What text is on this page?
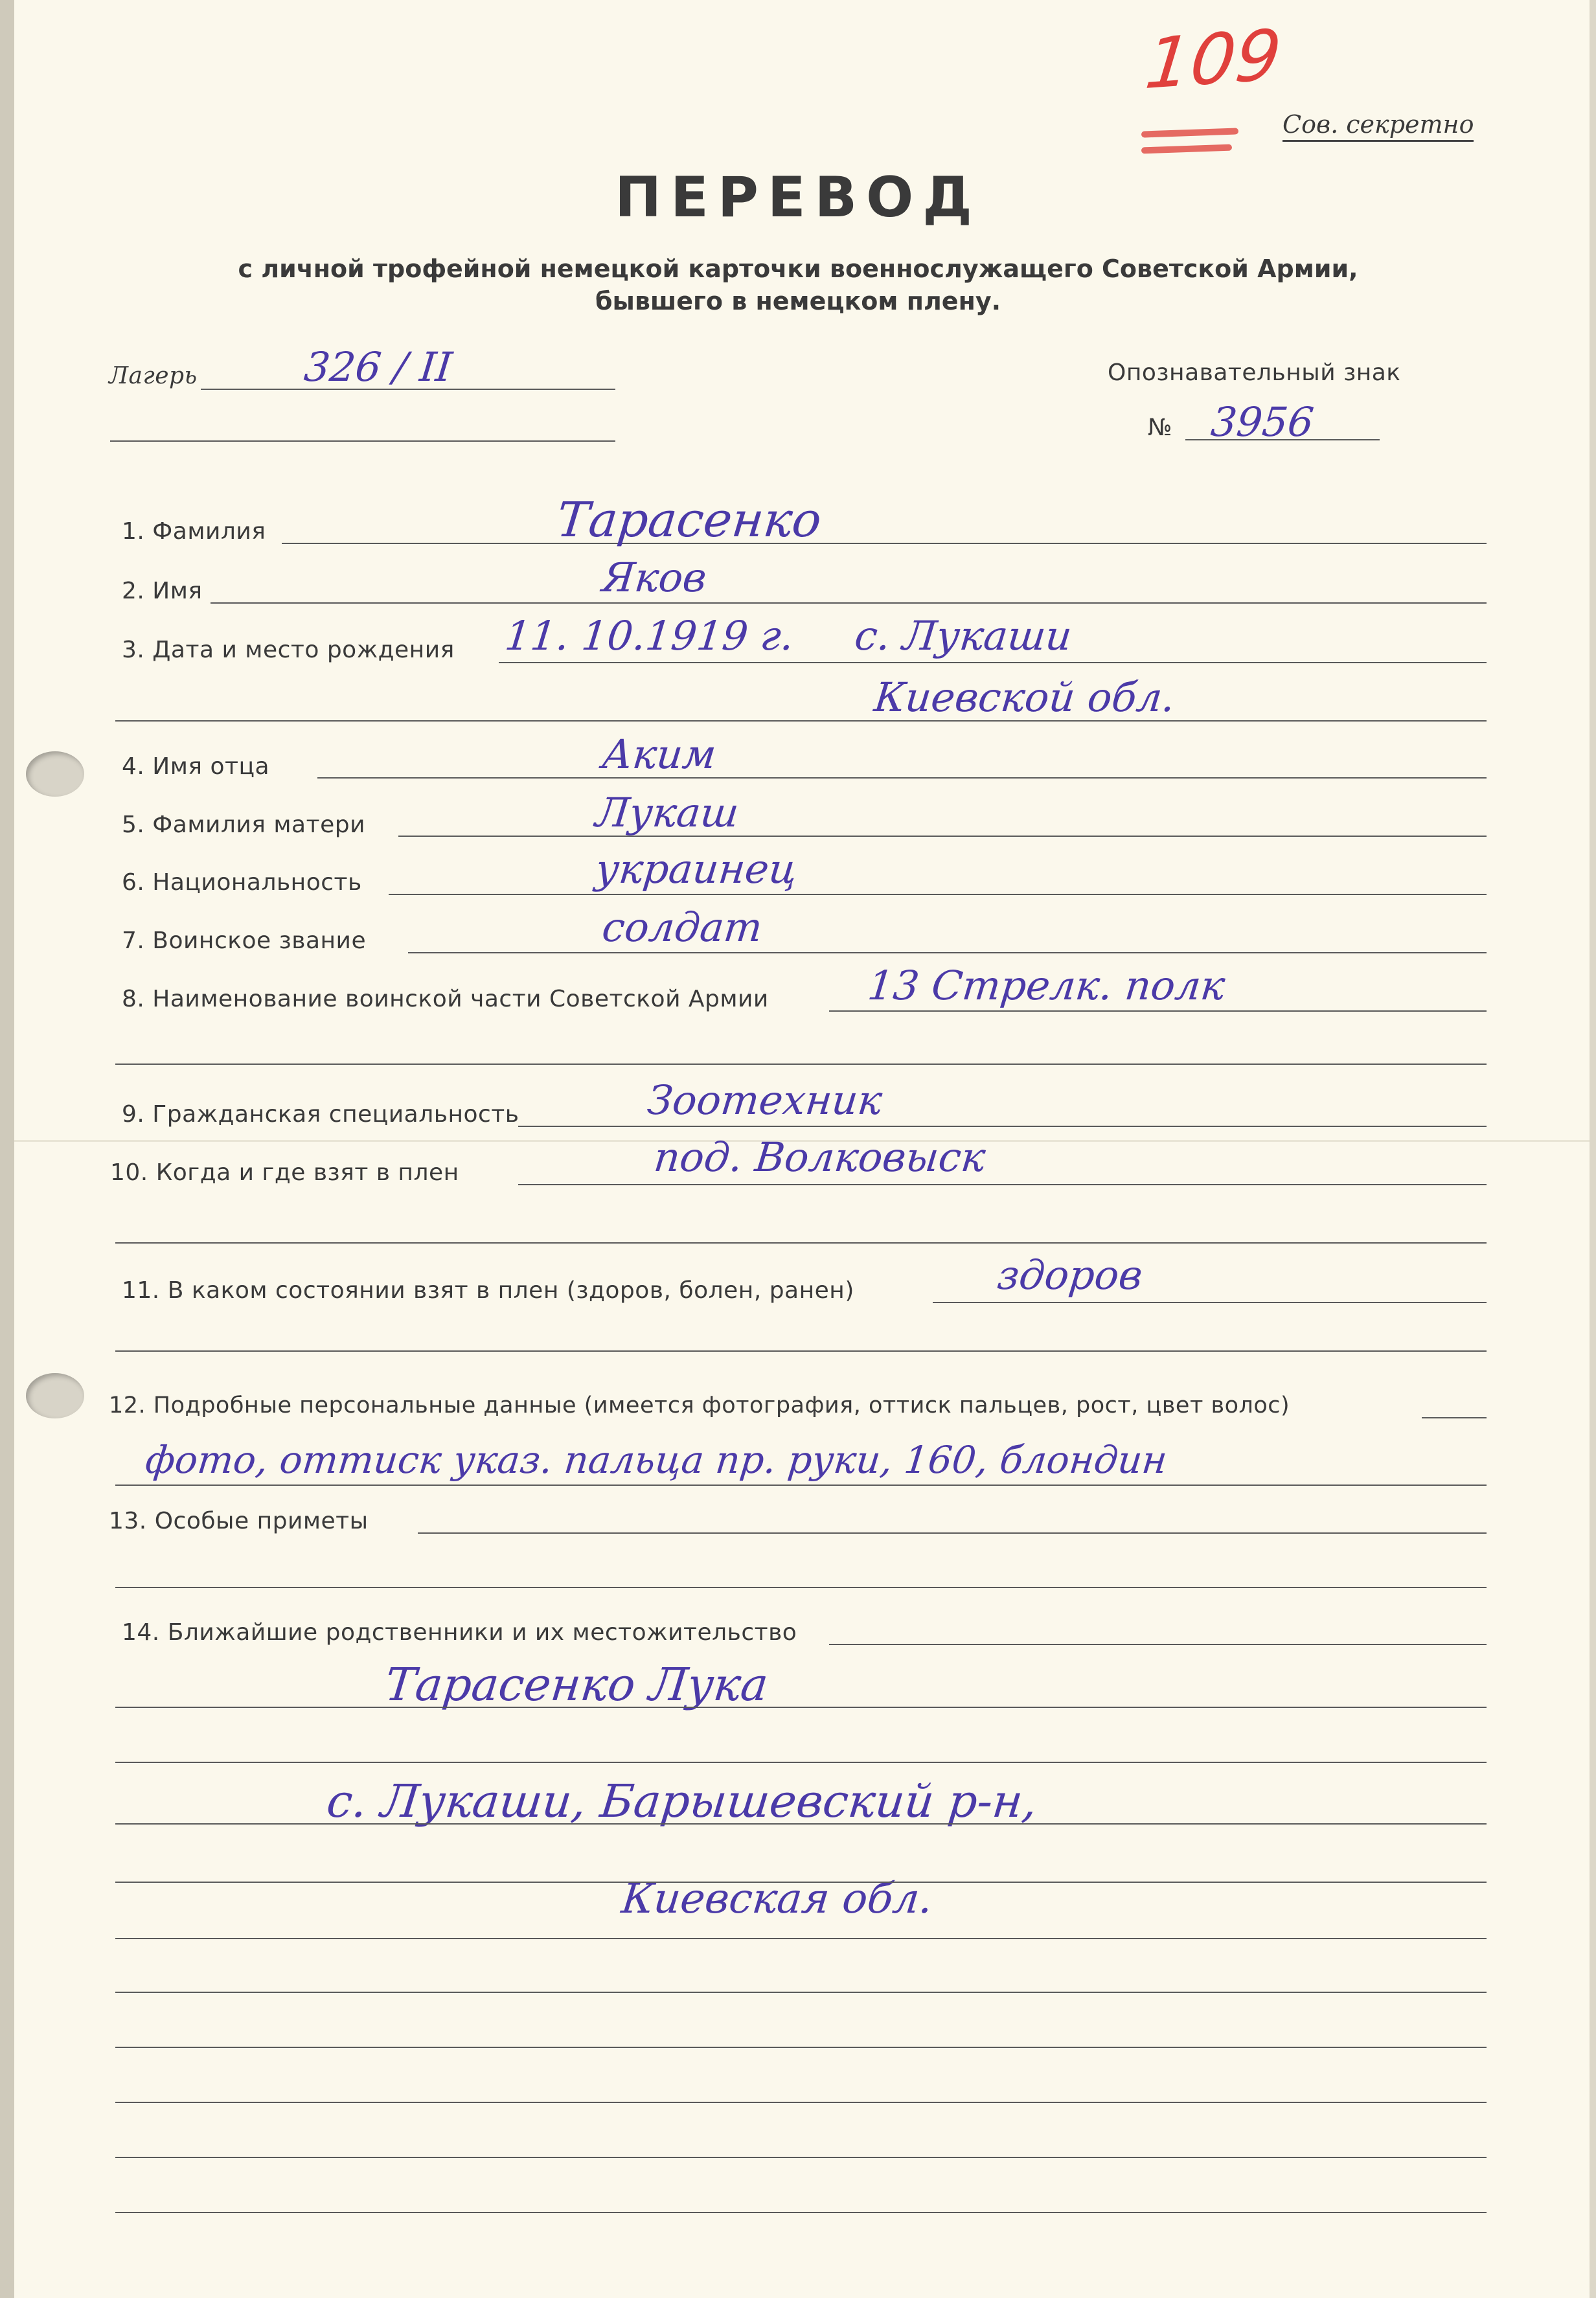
109
Сов. секретно
ПЕРЕВОД
с личной трофейной немецкой карточки военнослужащего Советской Армии,
бывшего в немецком плену.
Лагерь	326 / II	Опознавательный знак
№ 3956
1. Фамилия	Тарасенко
2. Имя	Яков
3. Дата и место рождения 11. 10.1919 г. с. Лукаши
Киевской обл.
4. Имя отца	Аким
5. Фамилия матери	Лукаш
6. Национальность	украинец
7. Воинское звание	солдат
8. Наименование воинской части Советской Армии 13 Стрелк. полк
9. Гражданская специальность	Зоотехник
10. Когда и где взят в плен	под. Волковыск
11. В каком состоянии взят в плен (здоров, болен, ранен)	здоров
12. Подробные персональные данные (имеется фотография, оттиск пальцев, рост, цвет волос)
фото, оттиск указ. пальца пр. руки, 160, блондин
13. Особые приметы
14. Ближайшие родственники и их местожительство
Тарасенко Лука
с. Лукаши, Барышевский р-н,
Киевская обл.
